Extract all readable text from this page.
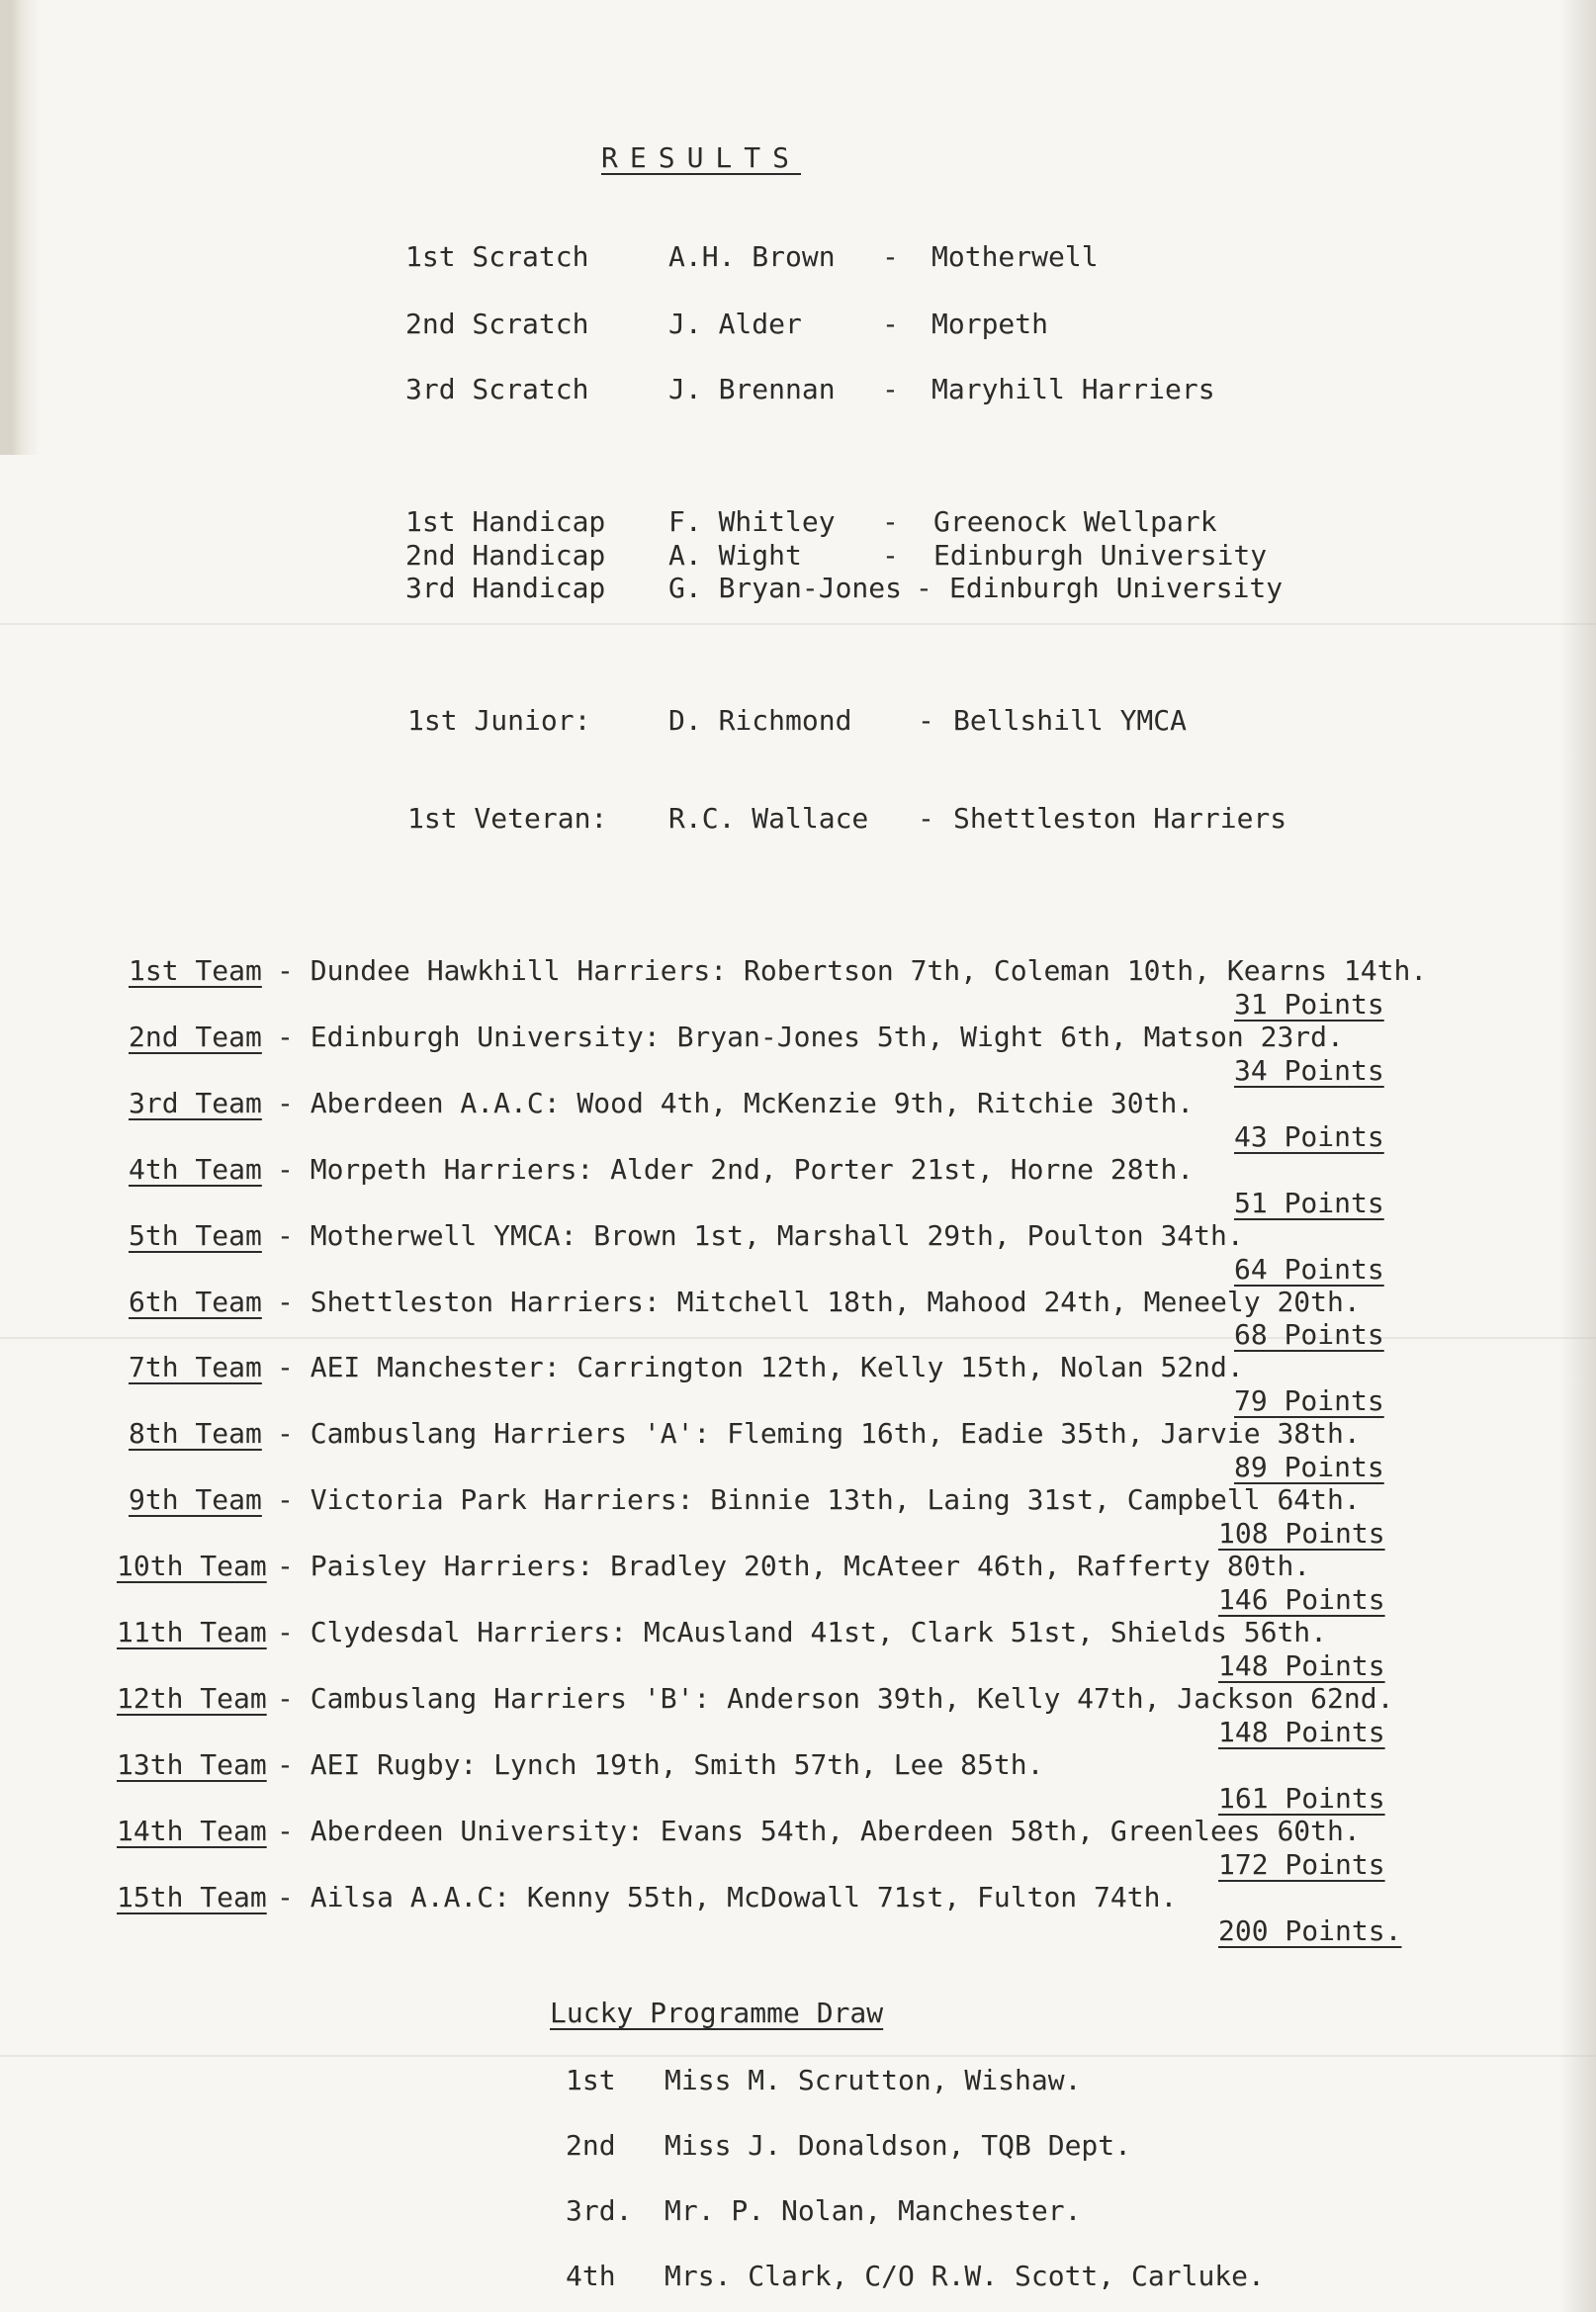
RESULTS
1st Scratch	A.H. Brown - Motherwell
2nd Scratch	J. Alder	- Morpeth
3rd Scratch	J. Brennan - Maryhill Harriers
1st Handicap F. Whitley - Greenock Wellpark
2nd Handicap A. Wight	- Edinburgh University
3rd Handicap G. Bryan-Jones - Edinburgh University
1st Junior:	D. Richmond - Bellshill YMCA
1st Veteran: R.C. Wallace - Shettleston Harriers
1st Team - Dundee Hawkhill Harriers: Robertson 7th, Coleman 10th, Kearns 14th.
31 Points
2nd Team - Edinburgh University: Bryan-Jones 5th, Wight 6th, Matson 23rd.
34 Points
3rd Team - Aberdeen A.A.C: Wood 4th, McKenzie 9th, Ritchie 30th.
43 Points
4th Team - Morpeth Harriers: Alder 2nd, Porter 21st, Horne 28th.
51 Points
5th Team - Motherwell YMCA: Brown 1st, Marshall 29th, Poulton 34th.
64 Points
6th Team - Shettleston Harriers: Mitchell 18th, Mahood 24th, Meneely 20th.
68 Points
7th Team - AEI Manchester: Carrington 12th, Kelly 15th, Nolan 52nd.
79 Points
8th Team - Cambuslang Harriers 'A': Fleming 16th, Eadie 35th, Jarvie 38th.
89 Points
9th Team - Victoria Park Harriers: Binnie 13th, Laing 31st, Campbell 64th.
108 Points
10th Team - Paisley Harriers: Bradley 20th, McAteer 46th, Rafferty 80th.
146 Points
11th Team - Clydesdal Harriers: McAusland 41st, Clark 51st, Shields 56th.
148 Points
12th Team - Cambuslang Harriers 'B': Anderson 39th, Kelly 47th, Jackson 62nd.
148 Points
13th Team - AEI Rugby: Lynch 19th, Smith 57th, Lee 85th.
161 Points
14th Team - Aberdeen University: Evans 54th, Aberdeen 58th, Greenlees 60th.
172 Points
15th Team - Ailsa A.A.C: Kenny 55th, McDowall 71st, Fulton 74th.
200 Points.
Lucky Programme Draw
1st Miss M. Scrutton, Wishaw.
2nd Miss J. Donaldson, TQB Dept.
3rd. Mr. P. Nolan, Manchester.
4th Mrs. Clark, C/O R.W. Scott, Carluke.
